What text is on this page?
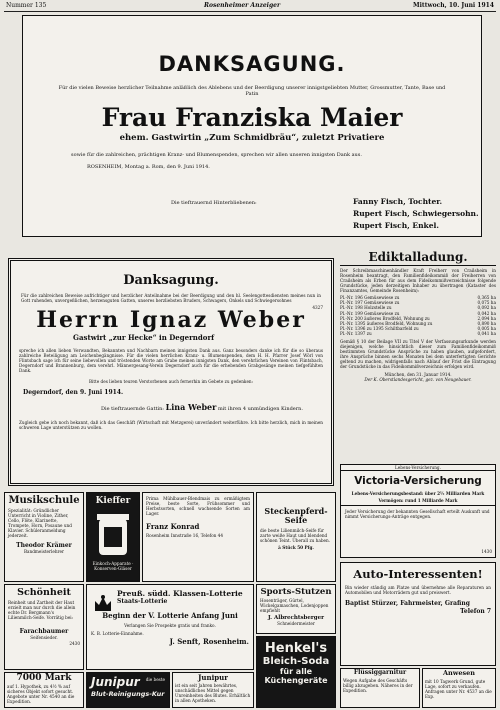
Nummer 135	Rosenheimer Anzeiger	Mittwoch, 10. Juni 1914
DANKSAGUNG.
Für die vielen Beweise herzlicher Teilnahme anläßlich des Ablebens und der Beerdigung unserer innigstgeliebten Mutter, Grossmutter, Tante, Base und Patin
Frau Franziska Maier
ehem. Gastwirtin „Zum Schmidbräu“, zuletzt Privatiere
sowie für die zahlreichen, prächtigen Kranz- und Blumenspenden, sprechen wir allen unseren innigsten Dank aus.
ROSENHEIM, Montag a. Rom, den 9. Juni 1914.
Die tieftrauernd Hinterbliebenen:	Fanny Fisch, Tochter.
Rupert Fisch, Schwiegersohn.
Rupert Fisch, Enkel.
Danksagung.
Für die zahlreichen Beweise aufrichtiger und herzlicher Anteilnahme bei der Beerdigung und den hl. Seelengottesdiensten meines nun in Gott ruhenden, unvergeßlichen, herzensguten Gatten, unseres herzliebsten Bruders, Schwagers, Onkels und Schwiegersohnes
4327
Herrn Ignaz Weber
Gastwirt „zur Hecke“ in Degerndorf
spreche ich allen lieben Verwandten, Bekannten und Nachbarn meinen innigsten Dank aus. Ganz besonders danke ich für die so überaus zahlreiche Beteiligung am Leichenbegängnisse. Für die vielen herrlichen Kranz- u. Blumenspenden, dem H. H. Pfarrer Josef Wörl von Flintsbach sage ich für seine liebevollen und tröstenden Worte am Grabe meinen innigsten Dank, den verehrlichen Vereinen von Flintsbach, Degerndorf und Brannenburg, dem verehrl. Männergesang-Verein Degerndorf auch für die erhebenden Grabgesänge meinen tiefgefühlten Dank.
Bitte des lieben teuren Verstorbenen auch fernerhin im Gebete zu gedenken:
Degerndorf, den 9. Juni 1914.
Die tieftrauernde Gattin: Lina Weber mit ihren 4 unmündigen Kindern.
Zugleich gebe ich noch bekannt, daß ich das Geschäft (Wirtschaft mit Metzgerei) unverändert weiterführe. Ich bitte herzlich, mich in meinen schweren Lage unterstützen zu wollen.
Ediktalladung.
Der Schreibmaschinenhändler Kraft Freiherr von Crailsheim in Rosenheim beantragt, den Familienfideikommiß der Freiherren von Crailsheim als Erben für aus dem Fideikommißverzeichnisse folgende Grundstücke, jeden derzeitigen Inhaber zu übertragen (Kataster des Finanzamtes, Gemeinde Rosenheim):
Pl.-Nr. 196 Gemüsewiese zu	0,365 ha
Pl.-Nr. 197 Gemüsewiese zu	0,075 ha
Pl.-Nr. 198 Holzstelle zu	0,092 ha
Pl.-Nr. 199 Gemüsewiese zu	0,042 ha
Pl.-Nr. 200 äußeres Brodfeld, Wohnung zu	2,094 ha
Pl.-Nr. 1395 äußeres Brodfeld, Wohnung zu	0,890 ha
Pl.-Nr. 1396 zu 1395 Schiltbarfeld zu	0,005 ha
Pl.-Nr. 1397 zu	0,041 ha
Gemäß § 10 der Beilage VII zu Titel V der Verfassungsurkunde werden diejenigen, welche hinsichtlich dieser zum Familienfideikommiß bestimmten Grundstücke Ansprüche zu haben glauben, aufgefordert, ihre Ansprüche binnen sechs Monaten bei dem unterfertigten Gerichte geltend zu machen, widrigenfalls nach Ablauf der Frist die Eintragung der Grundstücke in das Fideikommißverzeichnis erfolgen wird.
München, den 31. Januar 1914.
Der K. Oberstlandesgericht, gez. von Neugebauer.
Lebens-Versicherung.
Victoria-Versicherung
Lebens-Versicherungsbestand: über 2½ Milliarden Mark
Vermögen: rund 1 Milliarde Mark
Jeder Versicherung der bekannten Gesellschaft erteilt Auskunft und nimmt Versicherungs-Anträge entgegen.
1430
Auto-Interessenten!
Bin wieder ständig am Platze und übernehme alle Reparaturen an Automobilen und Motorrädern gut und preiswert.
Baptist Stürzer, Fahrmeister, Grafing
Telefon 7
Flüssiggarnitur
Wegen Aufgabe des Geschäfts billig abzugeben. Näheres in der Expedition.
Anwesen
mit 10 Tagwerk Grund, gute Lage, sofort zu verkaufen. Anfragen unter Nr. 4537 an die Exp.
Musikschule
Spezialität: Gründlicher Unterricht in Violine, Zither, Cello, Flöte, Klarinette, Trompete, Horn, Posaune und Klavier. Schüleranmeldung jederzeit.
Theodor Krämer
Bandmeisterlehrer
Kieffer
Einkoch-Apparate · Konserven-Gläser
Prima Mühlbauer-Blendmais zu ermäßigtem Preise, beste Sorte, Frühsommer und Herbstsorten, schnell wachsende Sorten am Lager.
Franz Konrad
Rosenheim Innstraße 16, Telefon 44
Steckenpferd-Seife
die beste Lilienmilch-Seife für zarte weiße Haut und blendend schönen Teint. Überall zu haben.
à Stück 50 Pfg.
Schönheit
Reinheit und Zartheit der Haut erzielt man nur durch die allein echte Dr. Bergmann's Lilienmilch-Seife. Vorrätig bei:
2430
Farachbaumer
Seifensieder.
Preuß. südd. Klassen-Lotterie
Staats-Lotterie
Beginn der V. Lotterie Anfang Juni
Verlangen Sie Prospekte gratis und franko.
K. B. Lotterie-Einnahme.
J. Senft, Rosenheim.
Sports-Stutzen
Hosenträger, Gürtel, Wickelgamaschen, Lodenjoppen empfiehlt
J. Albrechtsberger
Schneidermeister
Henkel's
Bleich-Soda
für alle
Küchengeräte
7000 Mark
auf 1. Hypothek, zu 4½ % auf sicheres Objekt sofort gesucht. Angebote unter Nr. 4540 an die Expedition.
Junipur	die beste
Blut-Reinigungs-Kur
Junipur
ist ein seit Jahren bewährtes, unschädliches Mittel gegen Unreinheiten des Blutes. Erhältlich in allen Apotheken.
